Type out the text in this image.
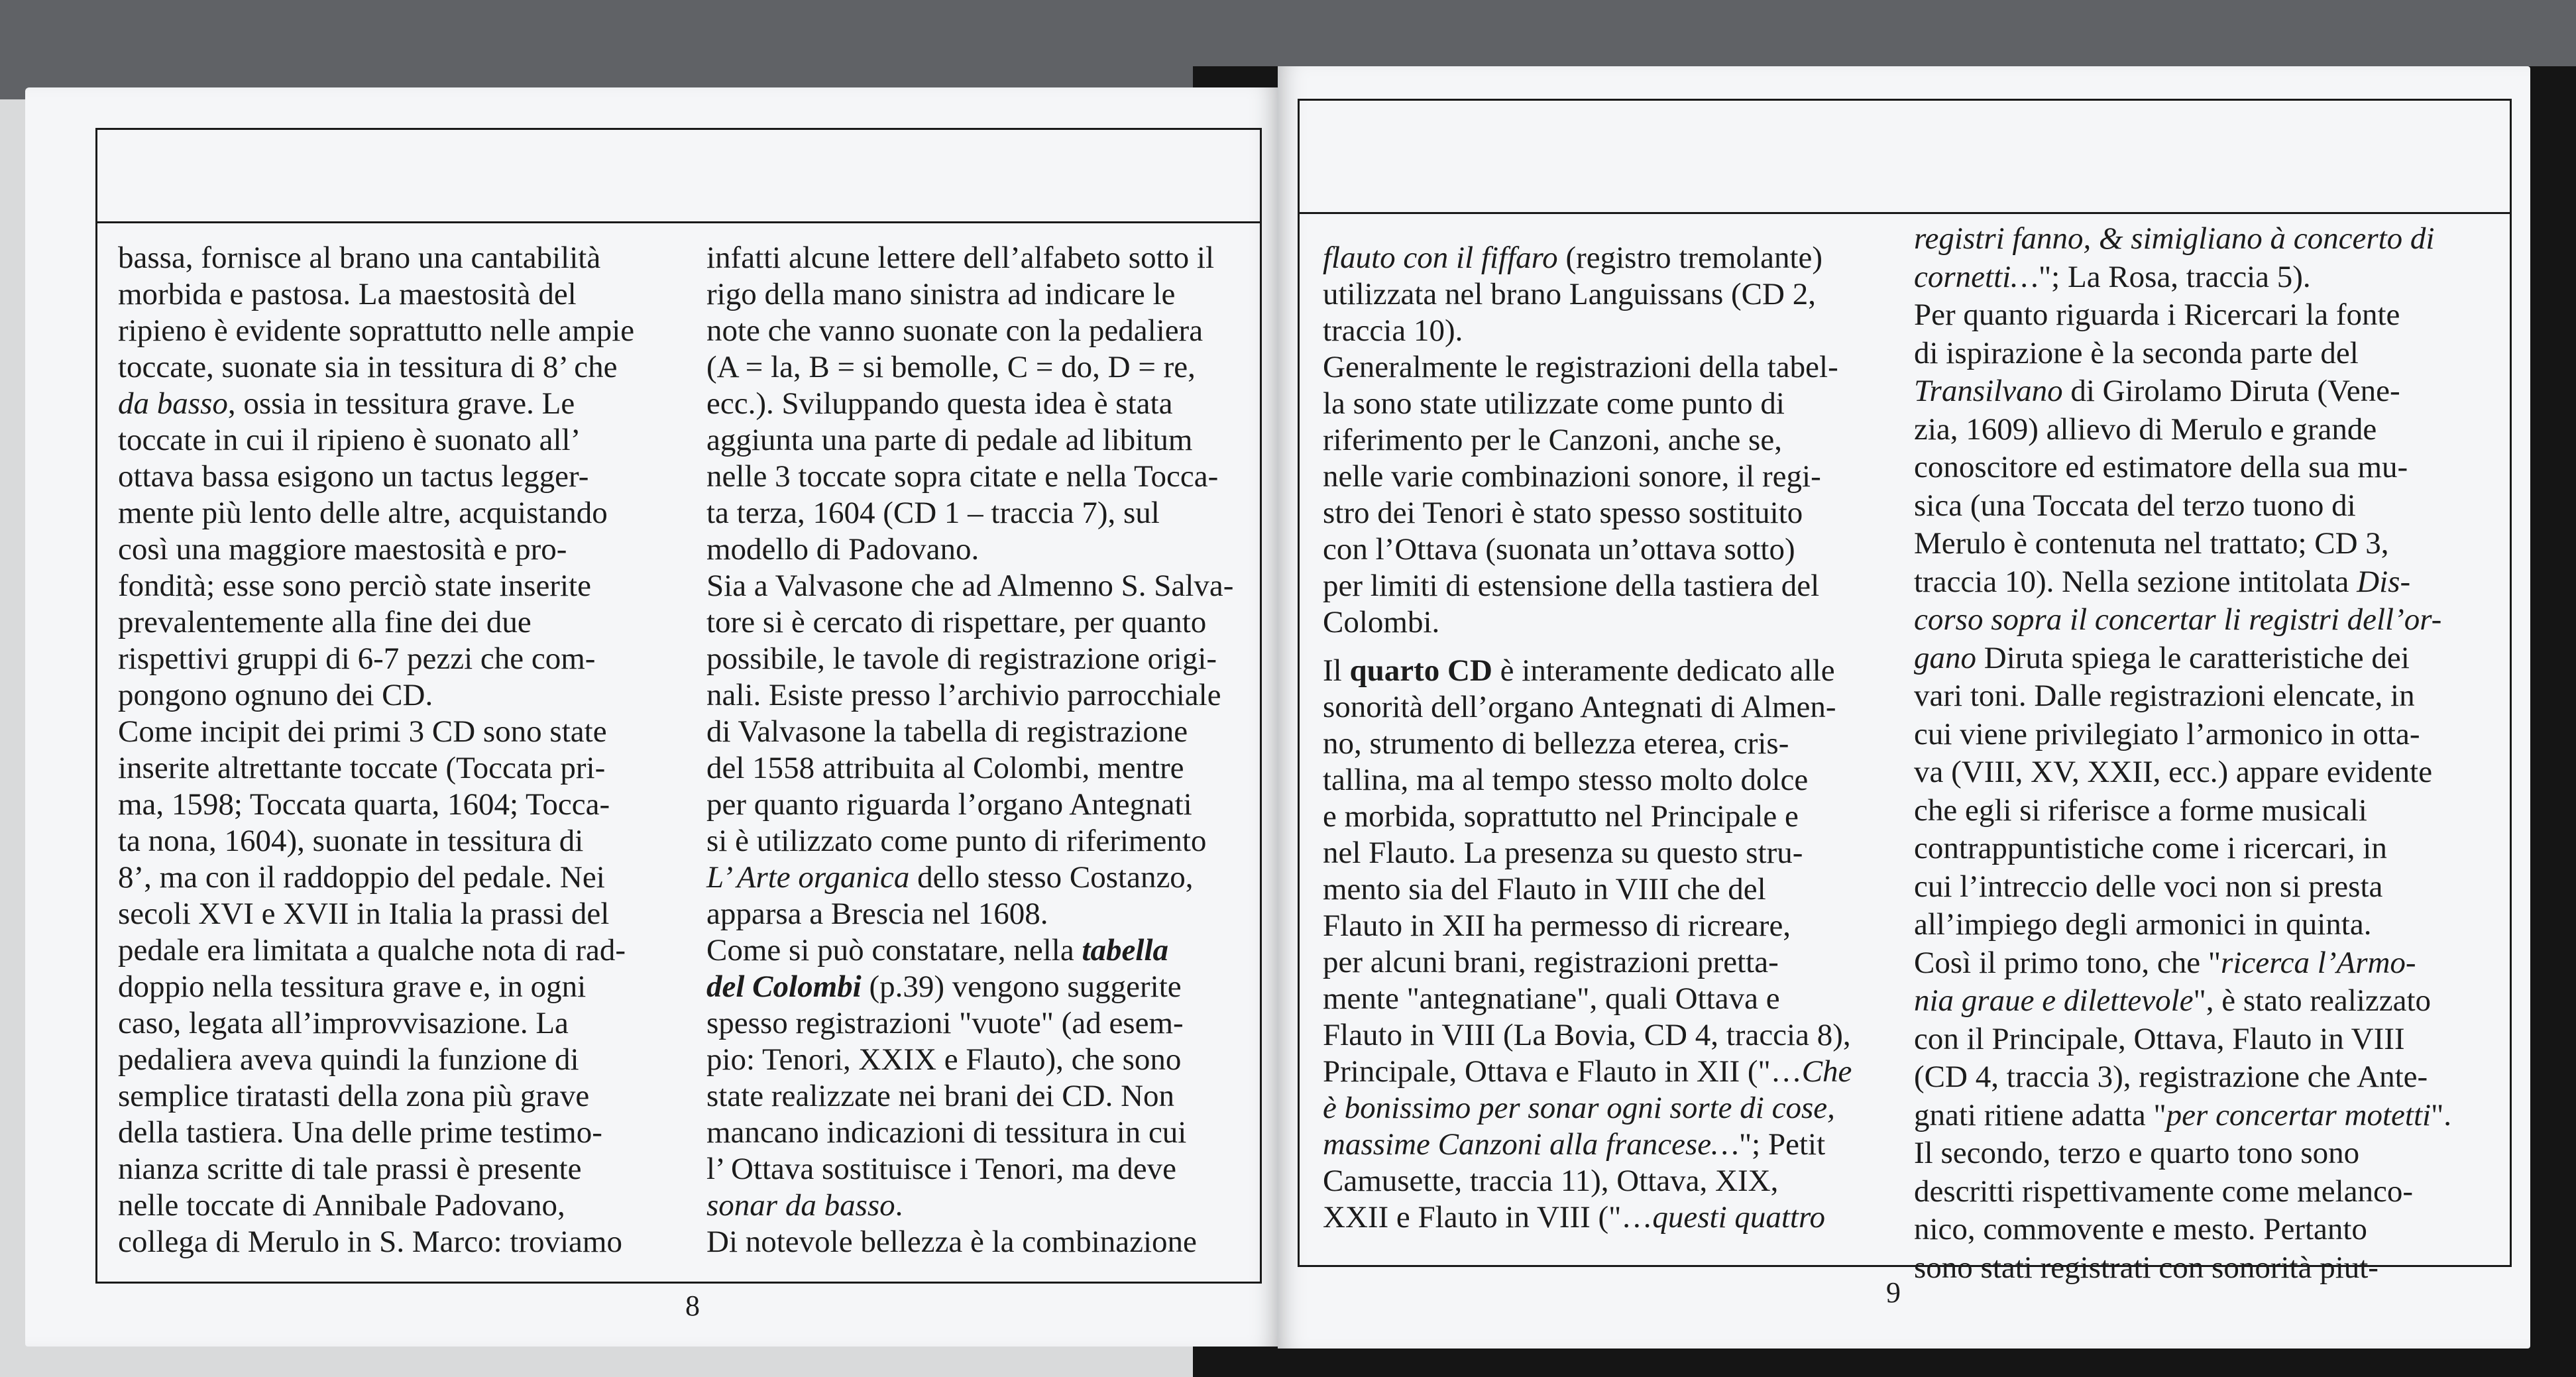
bassa, fornisce al brano una cantabilità
morbida e pastosa. La maestosità del
ripieno è evidente soprattutto nelle ampie
toccate, suonate sia in tessitura di 8’ che
da basso, ossia in tessitura grave. Le
toccate in cui il ripieno è suonato all’
ottava bassa esigono un tactus legger-
mente più lento delle altre, acquistando
così una maggiore maestosità e pro-
fondità; esse sono perciò state inserite
prevalentemente alla fine dei due
rispettivi gruppi di 6-7 pezzi che com-
pongono ognuno dei CD.
Come incipit dei primi 3 CD sono state
inserite altrettante toccate (Toccata pri-
ma, 1598; Toccata quarta, 1604; Tocca-
ta nona, 1604), suonate in tessitura di
8’, ma con il raddoppio del pedale. Nei
secoli XVI e XVII in Italia la prassi del
pedale era limitata a qualche nota di rad-
doppio nella tessitura grave e, in ogni
caso, legata all’improvvisazione. La
pedaliera aveva quindi la funzione di
semplice tiratasti della zona più grave
della tastiera. Una delle prime testimo-
nianza scritte di tale prassi è presente
nelle toccate di Annibale Padovano,
collega di Merulo in S. Marco: troviamo
infatti alcune lettere dell’alfabeto sotto il
rigo della mano sinistra ad indicare le
note che vanno suonate con la pedaliera
(A = la, B = si bemolle, C = do, D = re,
ecc.). Sviluppando questa idea è stata
aggiunta una parte di pedale ad libitum
nelle 3 toccate sopra citate e nella Tocca-
ta terza, 1604 (CD 1 – traccia 7), sul
modello di Padovano.
Sia a Valvasone che ad Almenno S. Salva-
tore si è cercato di rispettare, per quanto
possibile, le tavole di registrazione origi-
nali. Esiste presso l’archivio parrocchiale
di Valvasone la tabella di registrazione
del 1558 attribuita al Colombi, mentre
per quanto riguarda l’organo Antegnati
si è utilizzato come punto di riferimento
L’ Arte organica dello stesso Costanzo,
apparsa a Brescia nel 1608.
Come si può constatare, nella tabella
del Colombi (p.39) vengono suggerite
spesso registrazioni "vuote" (ad esem-
pio: Tenori, XXIX e Flauto), che sono
state realizzate nei brani dei CD. Non
mancano indicazioni di tessitura in cui
l’ Ottava sostituisce i Tenori, ma deve
sonar da basso.
Di notevole bellezza è la combinazione
flauto con il fiffaro (registro tremolante)
utilizzata nel brano Languissans (CD 2,
traccia 10).
Generalmente le registrazioni della tabel-
la sono state utilizzate come punto di
riferimento per le Canzoni, anche se,
nelle varie combinazioni sonore, il regi-
stro dei Tenori è stato spesso sostituito
con l’Ottava (suonata un’ottava sotto)
per limiti di estensione della tastiera del
Colombi.
Il quarto CD è interamente dedicato alle
sonorità dell’organo Antegnati di Almen-
no, strumento di bellezza eterea, cris-
tallina, ma al tempo stesso molto dolce
e morbida, soprattutto nel Principale e
nel Flauto. La presenza su questo stru-
mento sia del Flauto in VIII che del
Flauto in XII ha permesso di ricreare,
per alcuni brani, registrazioni pretta-
mente "antegnatiane", quali Ottava e
Flauto in VIII (La Bovia, CD 4, traccia 8),
Principale, Ottava e Flauto in XII ("…Che
è bonissimo per sonar ogni sorte di cose,
massime Canzoni alla francese…"; Petit
Camusette, traccia 11), Ottava, XIX,
XXII e Flauto in VIII ("…questi quattro
registri fanno, & simigliano à concerto di
cornetti…"; La Rosa, traccia 5).
Per quanto riguarda i Ricercari la fonte
di ispirazione è la seconda parte del
Transilvano di Girolamo Diruta (Vene-
zia, 1609) allievo di Merulo e grande
conoscitore ed estimatore della sua mu-
sica (una Toccata del terzo tuono di
Merulo è contenuta nel trattato; CD 3,
traccia 10). Nella sezione intitolata Dis-
corso sopra il concertar li registri dell’or-
gano Diruta spiega le caratteristiche dei
vari toni. Dalle registrazioni elencate, in
cui viene privilegiato l’armonico in otta-
va (VIII, XV, XXII, ecc.) appare evidente
che egli si riferisce a forme musicali
contrappuntistiche come i ricercari, in
cui l’intreccio delle voci non si presta
all’impiego degli armonici in quinta.
Così il primo tono, che "ricerca l’Armo-
nia graue e dilettevole", è stato realizzato
con il Principale, Ottava, Flauto in VIII
(CD 4, traccia 3), registrazione che Ante-
gnati ritiene adatta "per concertar motetti".
Il secondo, terzo e quarto tono sono
descritti rispettivamente come melanco-
nico, commovente e mesto. Pertanto
sono stati registrati con sonorità piut-
8	9
